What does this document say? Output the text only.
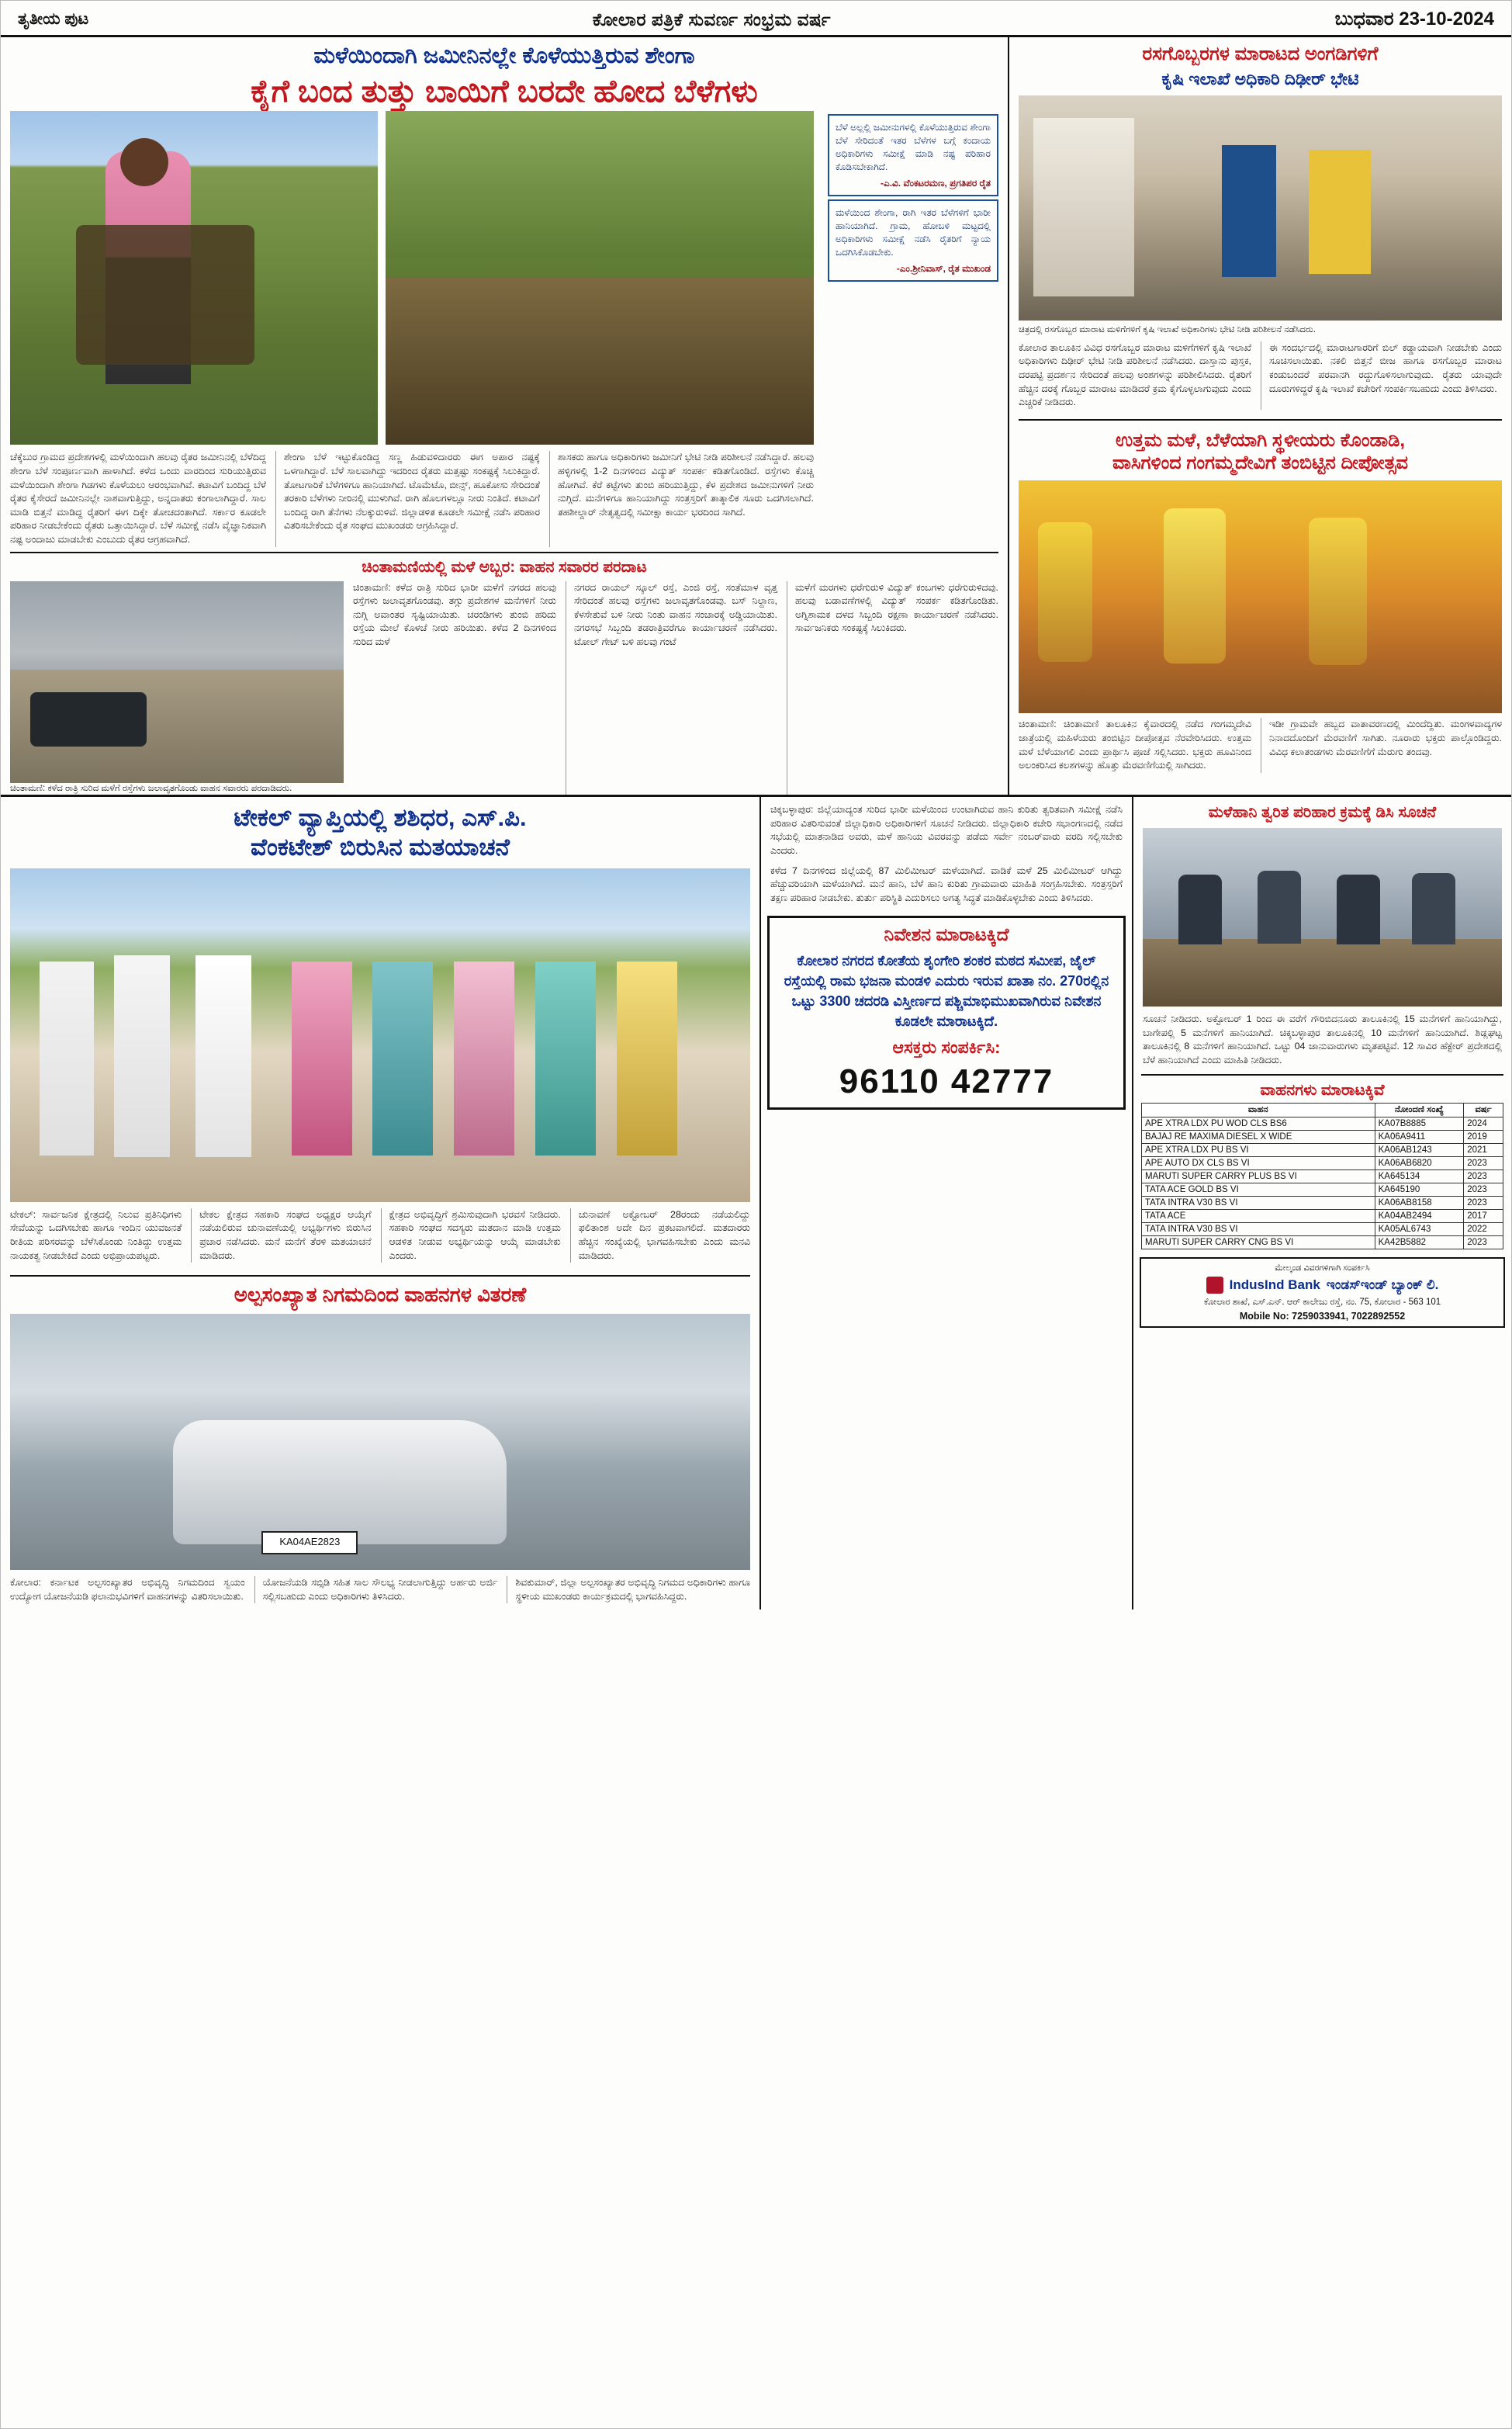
ತೃತೀಯ ಪುಟ	ಕೋಲಾರ ಪತ್ರಿಕೆ ಸುವರ್ಣ ಸಂಭ್ರಮ ವರ್ಷ	ಬುಧವಾರ 23-10-2024
ಮಳೆಯಿಂದಾಗಿ ಜಮೀನಿನಲ್ಲೇ ಕೊಳೆಯುತ್ತಿರುವ ಶೇಂಗಾ
ಕೈಗೆ ಬಂದ ತುತ್ತು ಬಾಯಿಗೆ ಬರದೇ ಹೋದ ಬೆಳೆಗಳು
ಚೆಕ್ಕೆಬುರ ಗ್ರಾಮದ ಪ್ರದೇಶಗಳಲ್ಲಿ ಮಳೆಯಿಂದಾಗಿ ಹಲವು ರೈತರ ಜಮೀನಿನಲ್ಲಿ ಬೆಳೆದಿದ್ದ ಶೇಂಗಾ ಬೆಳೆ ಸಂಪೂರ್ಣವಾಗಿ ಹಾಳಾಗಿದೆ. ಕಳೆದ ಒಂದು ವಾರದಿಂದ ಸುರಿಯುತ್ತಿರುವ ಮಳೆಯಿಂದಾಗಿ ಶೇಂಗಾ ಗಿಡಗಳು ಕೊಳೆಯಲು ಆರಂಭವಾಗಿವೆ. ಕಟಾವಿಗೆ ಬಂದಿದ್ದ ಬೆಳೆ ರೈತರ ಕೈಸೇರದೆ ಜಮೀನಿನಲ್ಲೇ ನಾಶವಾಗುತ್ತಿದ್ದು, ಅನ್ನದಾತರು ಕಂಗಾಲಾಗಿದ್ದಾರೆ. ಸಾಲ ಮಾಡಿ ಬಿತ್ತನೆ ಮಾಡಿದ್ದ ರೈತರಿಗೆ ಈಗ ದಿಕ್ಕೇ ತೋಚದಂತಾಗಿದೆ. ಸರ್ಕಾರ ಕೂಡಲೇ ಪರಿಹಾರ ನೀಡಬೇಕೆಂದು ರೈತರು ಒತ್ತಾಯಿಸಿದ್ದಾರೆ. ಬೆಳೆ ಸಮೀಕ್ಷೆ ನಡೆಸಿ ವೈಜ್ಞಾನಿಕವಾಗಿ ನಷ್ಟ ಅಂದಾಜು ಮಾಡಬೇಕು ಎಂಬುದು ರೈತರ ಆಗ್ರಹವಾಗಿದೆ.
ಶೇಂಗಾ ಬೆಳೆ ಇಟ್ಟುಕೊಂಡಿದ್ದ ಸಣ್ಣ ಹಿಡುವಳಿದಾರರು ಈಗ ಅಪಾರ ನಷ್ಟಕ್ಕೆ ಒಳಗಾಗಿದ್ದಾರೆ. ಬೆಳೆ ಸಾಲವಾಗಿದ್ದು ಇದರಿಂದ ರೈತರು ಮತ್ತಷ್ಟು ಸಂಕಷ್ಟಕ್ಕೆ ಸಿಲುಕಿದ್ದಾರೆ. ತೋಟಗಾರಿಕೆ ಬೆಳೆಗಳಿಗೂ ಹಾನಿಯಾಗಿದೆ. ಟೊಮೆಟೊ, ಬೀನ್ಸ್, ಹೂಕೋಸು ಸೇರಿದಂತೆ ತರಕಾರಿ ಬೆಳೆಗಳು ನೀರಿನಲ್ಲಿ ಮುಳುಗಿವೆ. ರಾಗಿ ಹೊಲಗಳಲ್ಲೂ ನೀರು ನಿಂತಿದೆ. ಕಟಾವಿಗೆ ಬಂದಿದ್ದ ರಾಗಿ ತೆನೆಗಳು ನೆಲಕ್ಕುರುಳಿವೆ. ಜಿಲ್ಲಾಡಳಿತ ಕೂಡಲೇ ಸಮೀಕ್ಷೆ ನಡೆಸಿ ಪರಿಹಾರ ವಿತರಿಸಬೇಕೆಂದು ರೈತ ಸಂಘದ ಮುಖಂಡರು ಆಗ್ರಹಿಸಿದ್ದಾರೆ.
ಶಾಸಕರು ಹಾಗೂ ಅಧಿಕಾರಿಗಳು ಜಮೀನಿಗೆ ಭೇಟಿ ನೀಡಿ ಪರಿಶೀಲನೆ ನಡೆಸಿದ್ದಾರೆ. ಹಲವು ಹಳ್ಳಿಗಳಲ್ಲಿ 1-2 ದಿನಗಳಿಂದ ವಿದ್ಯುತ್ ಸಂಪರ್ಕ ಕಡಿತಗೊಂಡಿದೆ. ರಸ್ತೆಗಳು ಕೊಚ್ಚಿ ಹೋಗಿವೆ. ಕೆರೆ ಕಟ್ಟೆಗಳು ತುಂಬಿ ಹರಿಯುತ್ತಿದ್ದು, ಕೆಳ ಪ್ರದೇಶದ ಜಮೀನುಗಳಿಗೆ ನೀರು ನುಗ್ಗಿದೆ. ಮನೆಗಳಿಗೂ ಹಾನಿಯಾಗಿದ್ದು ಸಂತ್ರಸ್ತರಿಗೆ ತಾತ್ಕಾಲಿಕ ಸೂರು ಒದಗಿಸಲಾಗಿದೆ. ತಹಶೀಲ್ದಾರ್ ನೇತೃತ್ವದಲ್ಲಿ ಸಮೀಕ್ಷಾ ಕಾರ್ಯ ಭರದಿಂದ ಸಾಗಿದೆ.
ಬೆಳೆ ಅಲ್ಲಲ್ಲಿ ಜಮೀನುಗಳಲ್ಲಿ ಕೊಳೆಯುತ್ತಿರುವ ಶೇಂಗಾ ಬೆಳೆ ಸೇರಿದಂತೆ ಇತರ ಬೆಳೆಗಳ ಬಗ್ಗೆ ಕಂದಾಯ ಅಧಿಕಾರಿಗಳು ಸಮೀಕ್ಷೆ ಮಾಡಿ ನಷ್ಟ ಪರಿಹಾರ ಕೊಡಿಸಬೇಕಾಗಿದೆ.
-ಎ.ವಿ. ವೆಂಕಟರಮಣ, ಪ್ರಗತಿಪರ ರೈತ
ಮಳೆಯಿಂದ ಶೇಂಗಾ, ರಾಗಿ ಇತರ ಬೆಳೆಗಳಿಗೆ ಭಾರೀ ಹಾನಿಯಾಗಿದೆ. ಗ್ರಾಮ, ಹೋಬಳಿ ಮಟ್ಟದಲ್ಲಿ ಅಧಿಕಾರಿಗಳು ಸಮೀಕ್ಷೆ ನಡೆಸಿ ರೈತರಿಗೆ ನ್ಯಾಯ ಒದಗಿಸಿಕೊಡಬೇಕು.
-ಎಂ.ಶ್ರೀನಿವಾಸ್, ರೈತ ಮುಖಂಡ
ಚಿಂತಾಮಣಿಯಲ್ಲಿ ಮಳೆ ಅಬ್ಬರ: ವಾಹನ ಸವಾರರ ಪರದಾಟ
ಚಿಂತಾಮಣಿ: ಕಳೆದ ರಾತ್ರಿ ಸುರಿದ ಮಳೆಗೆ ರಸ್ತೆಗಳು ಜಲಾವೃತಗೊಂಡು ವಾಹನ ಸವಾರರು ಪರದಾಡಿದರು.
ಚಿಂತಾಮಣಿ: ಕಳೆದ ರಾತ್ರಿ ಸುರಿದ ಭಾರೀ ಮಳೆಗೆ ನಗರದ ಹಲವು ರಸ್ತೆಗಳು ಜಲಾವೃತಗೊಂಡವು. ತಗ್ಗು ಪ್ರದೇಶಗಳ ಮನೆಗಳಿಗೆ ನೀರು ನುಗ್ಗಿ ಅವಾಂತರ ಸೃಷ್ಟಿಯಾಯಿತು. ಚರಂಡಿಗಳು ತುಂಬಿ ಹರಿದು ರಸ್ತೆಯ ಮೇಲೆ ಕೊಳಚೆ ನೀರು ಹರಿಯಿತು. ಕಳೆದ 2 ದಿನಗಳಿಂದ ಸುರಿದ ಮಳೆ
ನಗರದ ರಾಯಲ್ ಸ್ಕೂಲ್ ರಸ್ತೆ, ಎಂಜಿ ರಸ್ತೆ, ಸಂತೆಮಾಳ ವೃತ್ತ ಸೇರಿದಂತೆ ಹಲವು ರಸ್ತೆಗಳು ಜಲಾವೃತಗೊಂಡವು. ಬಸ್ ನಿಲ್ದಾಣ, ಕೆಳಸೇತುವೆ ಬಳಿ ನೀರು ನಿಂತು ವಾಹನ ಸಂಚಾರಕ್ಕೆ ಅಡ್ಡಿಯಾಯಿತು. ನಗರಸಭೆ ಸಿಬ್ಬಂದಿ ತಡರಾತ್ರಿವರೆಗೂ ಕಾರ್ಯಾಚರಣೆ ನಡೆಸಿದರು. ಟೋಲ್ ಗೇಟ್ ಬಳಿ ಹಲವು ಗಂಟೆ
ಮಳೆಗೆ ಮರಗಳು ಧರೆಗುರುಳಿ ವಿದ್ಯುತ್ ಕಂಬಗಳು ಧರೆಗುರುಳಿದವು. ಹಲವು ಬಡಾವಣೆಗಳಲ್ಲಿ ವಿದ್ಯುತ್ ಸಂಪರ್ಕ ಕಡಿತಗೊಂಡಿತು. ಅಗ್ನಿಶಾಮಕ ದಳದ ಸಿಬ್ಬಂದಿ ರಕ್ಷಣಾ ಕಾರ್ಯಾಚರಣೆ ನಡೆಸಿದರು. ಸಾರ್ವಜನಿಕರು ಸಂಕಷ್ಟಕ್ಕೆ ಸಿಲುಕಿದರು.
ರಸಗೊಬ್ಬರಗಳ ಮಾರಾಟದ ಅಂಗಡಿಗಳಿಗೆ
ಕೃಷಿ ಇಲಾಖೆ ಅಧಿಕಾರಿ ದಿಢೀರ್ ಭೇಟಿ
ಚಿತ್ರದಲ್ಲಿ ರಸಗೊಬ್ಬರ ಮಾರಾಟ ಮಳಿಗೆಗಳಿಗೆ ಕೃಷಿ ಇಲಾಖೆ ಅಧಿಕಾರಿಗಳು ಭೇಟಿ ನೀಡಿ ಪರಿಶೀಲನೆ ನಡೆಸಿದರು.
ಕೋಲಾರ ತಾಲೂಕಿನ ವಿವಿಧ ರಸಗೊಬ್ಬರ ಮಾರಾಟ ಮಳಿಗೆಗಳಿಗೆ ಕೃಷಿ ಇಲಾಖೆ ಅಧಿಕಾರಿಗಳು ದಿಢೀರ್ ಭೇಟಿ ನೀಡಿ ಪರಿಶೀಲನೆ ನಡೆಸಿದರು. ದಾಸ್ತಾನು ಪುಸ್ತಕ, ದರಪಟ್ಟಿ ಪ್ರದರ್ಶನ ಸೇರಿದಂತೆ ಹಲವು ಅಂಶಗಳನ್ನು ಪರಿಶೀಲಿಸಿದರು. ರೈತರಿಗೆ ಹೆಚ್ಚಿನ ದರಕ್ಕೆ ಗೊಬ್ಬರ ಮಾರಾಟ ಮಾಡಿದರೆ ಕ್ರಮ ಕೈಗೊಳ್ಳಲಾಗುವುದು ಎಂದು ಎಚ್ಚರಿಕೆ ನೀಡಿದರು.
ಈ ಸಂದರ್ಭದಲ್ಲಿ ಮಾರಾಟಗಾರರಿಗೆ ಬಿಲ್ ಕಡ್ಡಾಯವಾಗಿ ನೀಡಬೇಕು ಎಂದು ಸೂಚಿಸಲಾಯಿತು. ನಕಲಿ ಬಿತ್ತನೆ ಬೀಜ ಹಾಗೂ ರಸಗೊಬ್ಬರ ಮಾರಾಟ ಕಂಡುಬಂದರೆ ಪರವಾನಗಿ ರದ್ದುಗೊಳಿಸಲಾಗುವುದು. ರೈತರು ಯಾವುದೇ ದೂರುಗಳಿದ್ದರೆ ಕೃಷಿ ಇಲಾಖೆ ಕಚೇರಿಗೆ ಸಂಪರ್ಕಿಸಬಹುದು ಎಂದು ತಿಳಿಸಿದರು.
ಉತ್ತಮ ಮಳೆ, ಬೆಳೆಯಾಗಿ ಸ್ಥಳೀಯರು ಕೊಂಡಾಡಿ,
ವಾಸಿಗಳಿಂದ ಗಂಗಮ್ಮದೇವಿಗೆ ತಂಬಿಟ್ಟಿನ ದೀಪೋತ್ಸವ
ಚಿಂತಾಮಣಿ: ಚಿಂತಾಮಣಿ ತಾಲೂಕಿನ ಕೈವಾರದಲ್ಲಿ ನಡೆದ ಗಂಗಮ್ಮದೇವಿ ಜಾತ್ರೆಯಲ್ಲಿ ಮಹಿಳೆಯರು ತಂಬಿಟ್ಟಿನ ದೀಪೋತ್ಸವ ನೆರವೇರಿಸಿದರು. ಉತ್ತಮ ಮಳೆ ಬೆಳೆಯಾಗಲಿ ಎಂದು ಪ್ರಾರ್ಥಿಸಿ ಪೂಜೆ ಸಲ್ಲಿಸಿದರು. ಭಕ್ತರು ಹೂವಿನಿಂದ ಅಲಂಕರಿಸಿದ ಕಲಶಗಳನ್ನು ಹೊತ್ತು ಮೆರವಣಿಗೆಯಲ್ಲಿ ಸಾಗಿದರು.
ಇಡೀ ಗ್ರಾಮವೇ ಹಬ್ಬದ ವಾತಾವರಣದಲ್ಲಿ ಮಿಂದೆದ್ದಿತು. ಮಂಗಳವಾದ್ಯಗಳ ನಿನಾದದೊಂದಿಗೆ ಮೆರವಣಿಗೆ ಸಾಗಿತು. ನೂರಾರು ಭಕ್ತರು ಪಾಲ್ಗೊಂಡಿದ್ದರು. ವಿವಿಧ ಕಲಾತಂಡಗಳು ಮೆರವಣಿಗೆಗೆ ಮೆರುಗು ತಂದವು.
ಟೇಕಲ್ ವ್ಯಾಪ್ತಿಯಲ್ಲಿ ಶಶಿಧರ, ಎಸ್.ಪಿ.
ವೆಂಕಟೇಶ್ ಬಿರುಸಿನ ಮತಯಾಚನೆ
ಟೇಕಲ್: ಸಾರ್ವಜನಿಕ ಕ್ಷೇತ್ರದಲ್ಲಿ ನಿಲುವ ಪ್ರತಿನಿಧಿಗಳು ಸೇವೆಯನ್ನು ಒದಗಿಸಬೇಕು ಹಾಗೂ ಇಂದಿನ ಯುವಜನತೆ ರೀತಿಯ ಪರಿಸರವನ್ನು ಬೆಳೆಸಿಕೊಂಡು ನಿಂತಿದ್ದು ಉತ್ತಮ ನಾಯಕತ್ವ ನೀಡಬೇಕಿದೆ ಎಂದು ಅಭಿಪ್ರಾಯಪಟ್ಟರು.
ಟೇಕಲ ಕ್ಷೇತ್ರದ ಸಹಕಾರಿ ಸಂಘದ ಅಧ್ಯಕ್ಷರ ಆಯ್ಕೆಗೆ ನಡೆಯಲಿರುವ ಚುನಾವಣೆಯಲ್ಲಿ ಅಭ್ಯರ್ಥಿಗಳು ಬಿರುಸಿನ ಪ್ರಚಾರ ನಡೆಸಿದರು. ಮನೆ ಮನೆಗೆ ತೆರಳಿ ಮತಯಾಚನೆ ಮಾಡಿದರು.
ಕ್ಷೇತ್ರದ ಅಭಿವೃದ್ಧಿಗೆ ಶ್ರಮಿಸುವುದಾಗಿ ಭರವಸೆ ನೀಡಿದರು. ಸಹಕಾರಿ ಸಂಘದ ಸದಸ್ಯರು ಮತದಾನ ಮಾಡಿ ಉತ್ತಮ ಆಡಳಿತ ನೀಡುವ ಅಭ್ಯರ್ಥಿಯನ್ನು ಆಯ್ಕೆ ಮಾಡಬೇಕು ಎಂದರು.
ಚುನಾವಣೆ ಅಕ್ಟೋಬರ್ 28ರಂದು ನಡೆಯಲಿದ್ದು ಫಲಿತಾಂಶ ಅದೇ ದಿನ ಪ್ರಕಟವಾಗಲಿದೆ. ಮತದಾರರು ಹೆಚ್ಚಿನ ಸಂಖ್ಯೆಯಲ್ಲಿ ಭಾಗವಹಿಸಬೇಕು ಎಂದು ಮನವಿ ಮಾಡಿದರು.
ಅಲ್ಪಸಂಖ್ಯಾತ ನಿಗಮದಿಂದ ವಾಹನಗಳ ವಿತರಣೆ
KA04AE2823
ಕೋಲಾರ: ಕರ್ನಾಟಕ ಅಲ್ಪಸಂಖ್ಯಾತರ ಅಭಿವೃದ್ಧಿ ನಿಗಮದಿಂದ ಸ್ವಯಂ ಉದ್ಯೋಗ ಯೋಜನೆಯಡಿ ಫಲಾನುಭವಿಗಳಿಗೆ ವಾಹನಗಳನ್ನು ವಿತರಿಸಲಾಯಿತು.
ಯೋಜನೆಯಡಿ ಸಬ್ಸಿಡಿ ಸಹಿತ ಸಾಲ ಸೌಲಭ್ಯ ನೀಡಲಾಗುತ್ತಿದ್ದು ಅರ್ಹರು ಅರ್ಜಿ ಸಲ್ಲಿಸಬಹುದು ಎಂದು ಅಧಿಕಾರಿಗಳು ತಿಳಿಸಿದರು.
ಶಿವಕುಮಾರ್, ಜಿಲ್ಲಾ ಅಲ್ಪಸಂಖ್ಯಾತರ ಅಭಿವೃದ್ಧಿ ನಿಗಮದ ಅಧಿಕಾರಿಗಳು ಹಾಗೂ ಸ್ಥಳೀಯ ಮುಖಂಡರು ಕಾರ್ಯಕ್ರಮದಲ್ಲಿ ಭಾಗವಹಿಸಿದ್ದರು.
ಚಿಕ್ಕಬಳ್ಳಾಪುರ: ಜಿಲ್ಲೆಯಾದ್ಯಂತ ಸುರಿದ ಭಾರೀ ಮಳೆಯಿಂದ ಉಂಟಾಗಿರುವ ಹಾನಿ ಕುರಿತು ತ್ವರಿತವಾಗಿ ಸಮೀಕ್ಷೆ ನಡೆಸಿ ಪರಿಹಾರ ವಿತರಿಸುವಂತೆ ಜಿಲ್ಲಾಧಿಕಾರಿ ಅಧಿಕಾರಿಗಳಿಗೆ ಸೂಚನೆ ನೀಡಿದರು. ಜಿಲ್ಲಾಧಿಕಾರಿ ಕಚೇರಿ ಸಭಾಂಗಣದಲ್ಲಿ ನಡೆದ ಸಭೆಯಲ್ಲಿ ಮಾತನಾಡಿದ ಅವರು, ಮಳೆ ಹಾನಿಯ ವಿವರವನ್ನು ಪಡೆದು ಸರ್ವೇ ನಂಬರ್‌ವಾರು ವರದಿ ಸಲ್ಲಿಸಬೇಕು ಎಂದರು.
ಕಳೆದ 7 ದಿನಗಳಿಂದ ಜಿಲ್ಲೆಯಲ್ಲಿ 87 ಮಿಲಿಮೀಟರ್ ಮಳೆಯಾಗಿದೆ. ವಾಡಿಕೆ ಮಳೆ 25 ಮಿಲಿಮೀಟರ್ ಆಗಿದ್ದು ಹೆಚ್ಚುವರಿಯಾಗಿ ಮಳೆಯಾಗಿದೆ. ಮನೆ ಹಾನಿ, ಬೆಳೆ ಹಾನಿ ಕುರಿತು ಗ್ರಾಮವಾರು ಮಾಹಿತಿ ಸಂಗ್ರಹಿಸಬೇಕು. ಸಂತ್ರಸ್ತರಿಗೆ ತಕ್ಷಣ ಪರಿಹಾರ ನೀಡಬೇಕು. ತುರ್ತು ಪರಿಸ್ಥಿತಿ ಎದುರಿಸಲು ಅಗತ್ಯ ಸಿದ್ಧತೆ ಮಾಡಿಕೊಳ್ಳಬೇಕು ಎಂದು ತಿಳಿಸಿದರು.
ನಿವೇಶನ ಮಾರಾಟಕ್ಕಿದೆ
ಕೋಲಾರ ನಗರದ ಕೋತೆಯ ಶೃಂಗೇರಿ ಶಂಕರ ಮಠದ ಸಮೀಪ, ಜೈಲ್ ರಸ್ತೆಯಲ್ಲಿ ರಾಮ ಭಜನಾ ಮಂಡಳಿ ಎದುರು ಇರುವ ಖಾತಾ ನಂ. 270ರಲ್ಲಿನ ಒಟ್ಟು 3300 ಚದರಡಿ ವಿಸ್ತೀರ್ಣದ ಪಶ್ಚಿಮಾಭಿಮುಖವಾಗಿರುವ ನಿವೇಶನ ಕೂಡಲೇ ಮಾರಾಟಕ್ಕಿದೆ.
ಆಸಕ್ತರು ಸಂಪರ್ಕಿಸಿ:
96110 42777
ಮಳೆಹಾನಿ ತ್ವರಿತ ಪರಿಹಾರ ಕ್ರಮಕ್ಕೆ ಡಿಸಿ ಸೂಚನೆ
ಸೂಚನೆ ನೀಡಿದರು. ಅಕ್ಟೋಬರ್ 1 ರಿಂದ ಈ ವರೆಗೆ ಗೌರಿಬಿದನೂರು ತಾಲೂಕಿನಲ್ಲಿ 15 ಮನೆಗಳಿಗೆ ಹಾನಿಯಾಗಿದ್ದು, ಬಾಗೇಪಲ್ಲಿ 5 ಮನೆಗಳಿಗೆ ಹಾನಿಯಾಗಿದೆ. ಚಿಕ್ಕಬಳ್ಳಾಪುರ ತಾಲೂಕಿನಲ್ಲಿ 10 ಮನೆಗಳಿಗೆ ಹಾನಿಯಾಗಿದೆ. ಶಿಡ್ಲಘಟ್ಟ ತಾಲೂಕಿನಲ್ಲಿ 8 ಮನೆಗಳಿಗೆ ಹಾನಿಯಾಗಿದೆ. ಒಟ್ಟು 04 ಜಾನುವಾರುಗಳು ಮೃತಪಟ್ಟಿವೆ. 12 ಸಾವಿರ ಹೆಕ್ಟೇರ್ ಪ್ರದೇಶದಲ್ಲಿ ಬೆಳೆ ಹಾನಿಯಾಗಿದೆ ಎಂದು ಮಾಹಿತಿ ನೀಡಿದರು.
ವಾಹನಗಳು ಮಾರಾಟಕ್ಕಿವೆ
ವಾಹನ	ನೋಂದಣಿ ಸಂಖ್ಯೆ	ವರ್ಷ
APE XTRA LDX PU WOD CLS BS6	KA07B8885	2024
BAJAJ RE MAXIMA DIESEL X WIDE	KA06A9411	2019
APE XTRA LDX PU BS VI	KA06AB1243	2021
APE AUTO DX CLS BS VI	KA06AB6820	2023
MARUTI SUPER CARRY PLUS BS VI	KA645134	2023
TATA ACE GOLD BS VI	KA645190	2023
TATA INTRA V30 BS VI	KA06AB8158	2023
TATA ACE	KA04AB2494	2017
TATA INTRA V30 BS VI	KA05AL6743	2022
MARUTI SUPER CARRY CNG BS VI	KA42B5882	2023
ಮೇಲ್ಕಂಡ ವಿವರಗಳಿಗಾಗಿ ಸಂಪರ್ಕಿಸಿ
IndusInd Bank ಇಂಡಸ್‌ಇಂಡ್ ಬ್ಯಾಂಕ್ ಲಿ.
ಕೋಲಾರ ಶಾಖೆ, ಎಸ್.ಎನ್. ಆರ್ ಕಾಲೇಜು ರಸ್ತೆ, ನಂ. 75, ಕೋಲಾರ - 563 101
Mobile No: 7259033941, 7022892552
